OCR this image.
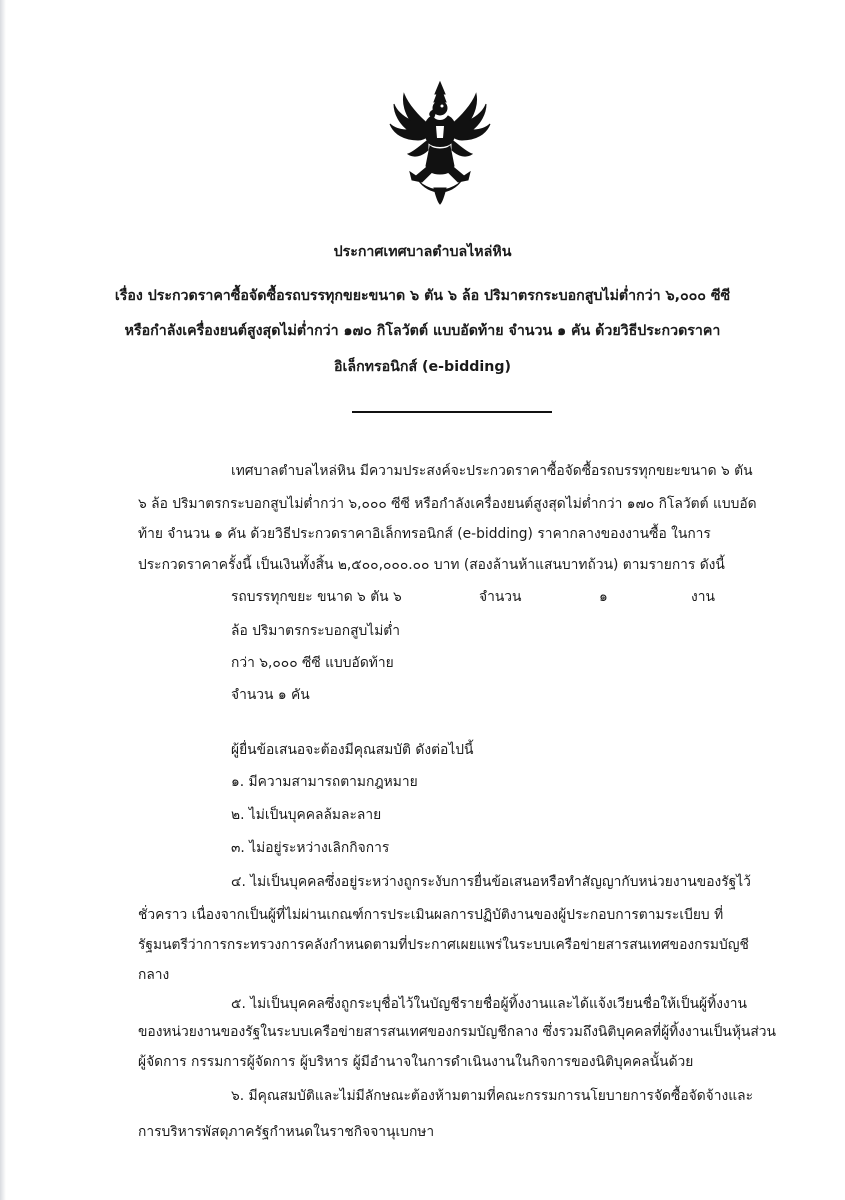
ประกาศเทศบาลตำบลไหล่หิน
เรื่อง ประกวดราคาซื้อจัดซื้อรถบรรทุกขยะขนาด ๖ ตัน ๖ ล้อ ปริมาตรกระบอกสูบไม่ต่ำกว่า ๖,๐๐๐ ซีซี
หรือกำลังเครื่องยนต์สูงสุดไม่ต่ำกว่า ๑๗๐ กิโลวัตต์ แบบอัดท้าย จำนวน ๑ คัน ด้วยวิธีประกวดราคา
อิเล็กทรอนิกส์ (e-bidding)
เทศบาลตำบลไหล่หิน มีความประสงค์จะประกวดราคาซื้อจัดซื้อรถบรรทุกขยะขนาด ๖ ตัน
๖ ล้อ ปริมาตรกระบอกสูบไม่ต่ำกว่า ๖,๐๐๐ ซีซี หรือกำลังเครื่องยนต์สูงสุดไม่ต่ำกว่า ๑๗๐ กิโลวัตต์ แบบอัด
ท้าย จำนวน ๑ คัน ด้วยวิธีประกวดราคาอิเล็กทรอนิกส์ (e-bidding) ราคากลางของงานซื้อ ในการ
ประกวดราคาครั้งนี้ เป็นเงินทั้งสิ้น ๒,๕๐๐,๐๐๐.๐๐ บาท (สองล้านห้าแสนบาทถ้วน) ตามรายการ ดังนี้
รถบรรทุกขยะ ขนาด ๖ ตัน ๖
ล้อ ปริมาตรกระบอกสูบไม่ต่ำ
กว่า ๖,๐๐๐ ซีซี แบบอัดท้าย
จำนวน ๑ คัน
จำนวน	๑	งาน
ผู้ยื่นข้อเสนอจะต้องมีคุณสมบัติ ดังต่อไปนี้
๑. มีความสามารถตามกฎหมาย
๒. ไม่เป็นบุคคลล้มละลาย
๓. ไม่อยู่ระหว่างเลิกกิจการ
๔. ไม่เป็นบุคคลซึ่งอยู่ระหว่างถูกระงับการยื่นข้อเสนอหรือทำสัญญากับหน่วยงานของรัฐไว้
ชั่วคราว เนื่องจากเป็นผู้ที่ไม่ผ่านเกณฑ์การประเมินผลการปฏิบัติงานของผู้ประกอบการตามระเบียบ ที่
รัฐมนตรีว่าการกระทรวงการคลังกำหนดตามที่ประกาศเผยแพร่ในระบบเครือข่ายสารสนเทศของกรมบัญชี
กลาง
๕. ไม่เป็นบุคคลซึ่งถูกระบุชื่อไว้ในบัญชีรายชื่อผู้ทิ้งงานและได้แจ้งเวียนชื่อให้เป็นผู้ทิ้งงาน
ของหน่วยงานของรัฐในระบบเครือข่ายสารสนเทศของกรมบัญชีกลาง ซึ่งรวมถึงนิติบุคคลที่ผู้ทิ้งงานเป็นหุ้นส่วน
ผู้จัดการ กรรมการผู้จัดการ ผู้บริหาร ผู้มีอำนาจในการดำเนินงานในกิจการของนิติบุคคลนั้นด้วย
๖. มีคุณสมบัติและไม่มีลักษณะต้องห้ามตามที่คณะกรรมการนโยบายการจัดซื้อจัดจ้างและ
การบริหารพัสดุภาครัฐกำหนดในราชกิจจานุเบกษา
